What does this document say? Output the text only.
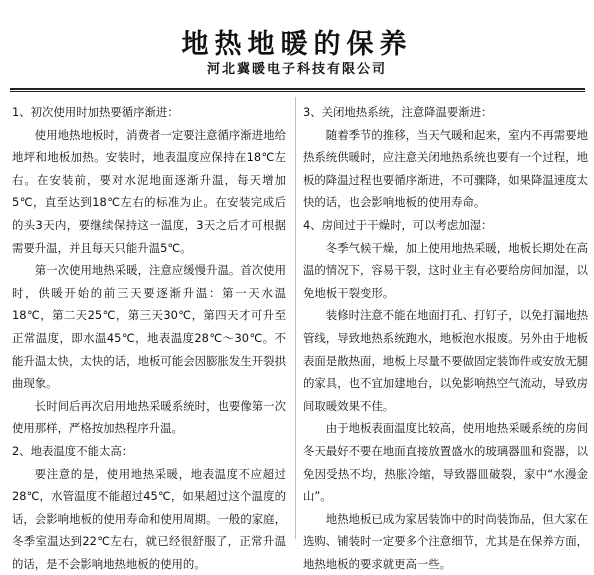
地热地暖的保养
河北冀暖电子科技有限公司

1、初次使用时加热要循序渐进：

使用地热地板时，消费者一定要注意循序渐进地给地坪和地板加热。安装时，地表温度应保持在18℃左右。在安装前，要对水泥地面逐渐升温，每天增加5℃，直至达到18℃左右的标准为止。在安装完成后的头3天内，要继续保持这一温度，3天之后才可根据需要升温，并且每天只能升温5℃。

第一次使用地热采暖，注意应缓慢升温。首次使用时，供暖开始的前三天要逐渐升温：第一天水温18℃，第二天25℃，第三天30℃，第四天才可升至正常温度，即水温45℃，地表温度28℃～30℃。不能升温太快，太快的话，地板可能会因膨胀发生开裂拱曲现象。

长时间后再次启用地热采暖系统时，也要像第一次使用那样，严格按加热程序升温。

2、地表温度不能太高：

要注意的是，使用地热采暖，地表温度不应超过28℃，水管温度不能超过45℃，如果超过这个温度的话，会影响地板的使用寿命和使用周期。一般的家庭，冬季室温达到22℃左右，就已经很舒服了，正常升温的话，是不会影响地热地板的使用的。

3、关闭地热系统，注意降温要渐进：

随着季节的推移，当天气暖和起来，室内不再需要地热系统供暖时，应注意关闭地热系统也要有一个过程，地板的降温过程也要循序渐进，不可骤降，如果降温速度太快的话，也会影响地板的使用寿命。

4、房间过于干燥时，可以考虑加湿：

冬季气候干燥，加上使用地热采暖，地板长期处在高温的情况下，容易干裂，这时业主有必要给房间加湿，以免地板干裂变形。

装修时注意不能在地面打孔、打钉子，以免打漏地热管线，导致地热系统跑水，地板泡水报废。另外由于地板表面是散热面，地板上尽量不要做固定装饰件或安放无腿的家具，也不宜加建地台，以免影响热空气流动，导致房间取暖效果不佳。

由于地板表面温度比较高，使用地热采暖系统的房间冬天最好不要在地面直接放置盛水的玻璃器皿和瓷器，以免因受热不均，热胀冷缩，导致器皿破裂，家中“水漫金山”。

地热地板已成为家居装饰中的时尚装饰品，但大家在选购、铺装时一定要多个注意细节，尤其是在保养方面，地热地板的要求就更高一些。
